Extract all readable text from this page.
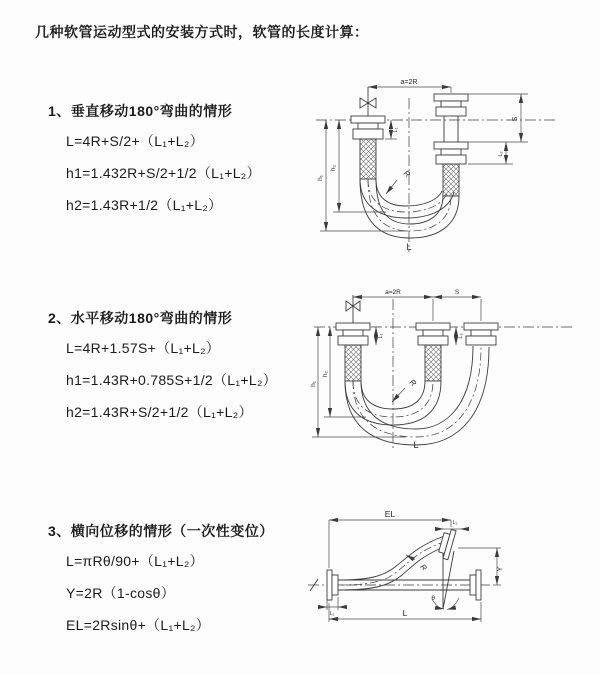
几种软管运动型式的安装方式时，软管的长度计算：
1、垂直移动180°弯曲的情形
L=4R+S/2+（L₁+L₂）
h1=1.432R+S/2+1/2（L₁+L₂）
h2=1.43R+1/2（L₁+L₂）
2、水平移动180°弯曲的情形
L=4R+1.57S+（L₁+L₂）
h1=1.43R+0.785S+1/2（L₁+L₂）
h2=1.43R+S/2+1/2（L₁+L₂）
3、横向位移的情形（一次性变位）
L=πRθ/90+（L₁+L₂）
Y=2R（1-cosθ）
EL=2Rsinθ+（L₁+L₂）
a=2R
h₁
h₂
L₁
S
L₂
R
L
a=2R	S
h₁
h₂
L₁	L₂
R
L
EL
L₂
Y
L₁	L
R
θ
